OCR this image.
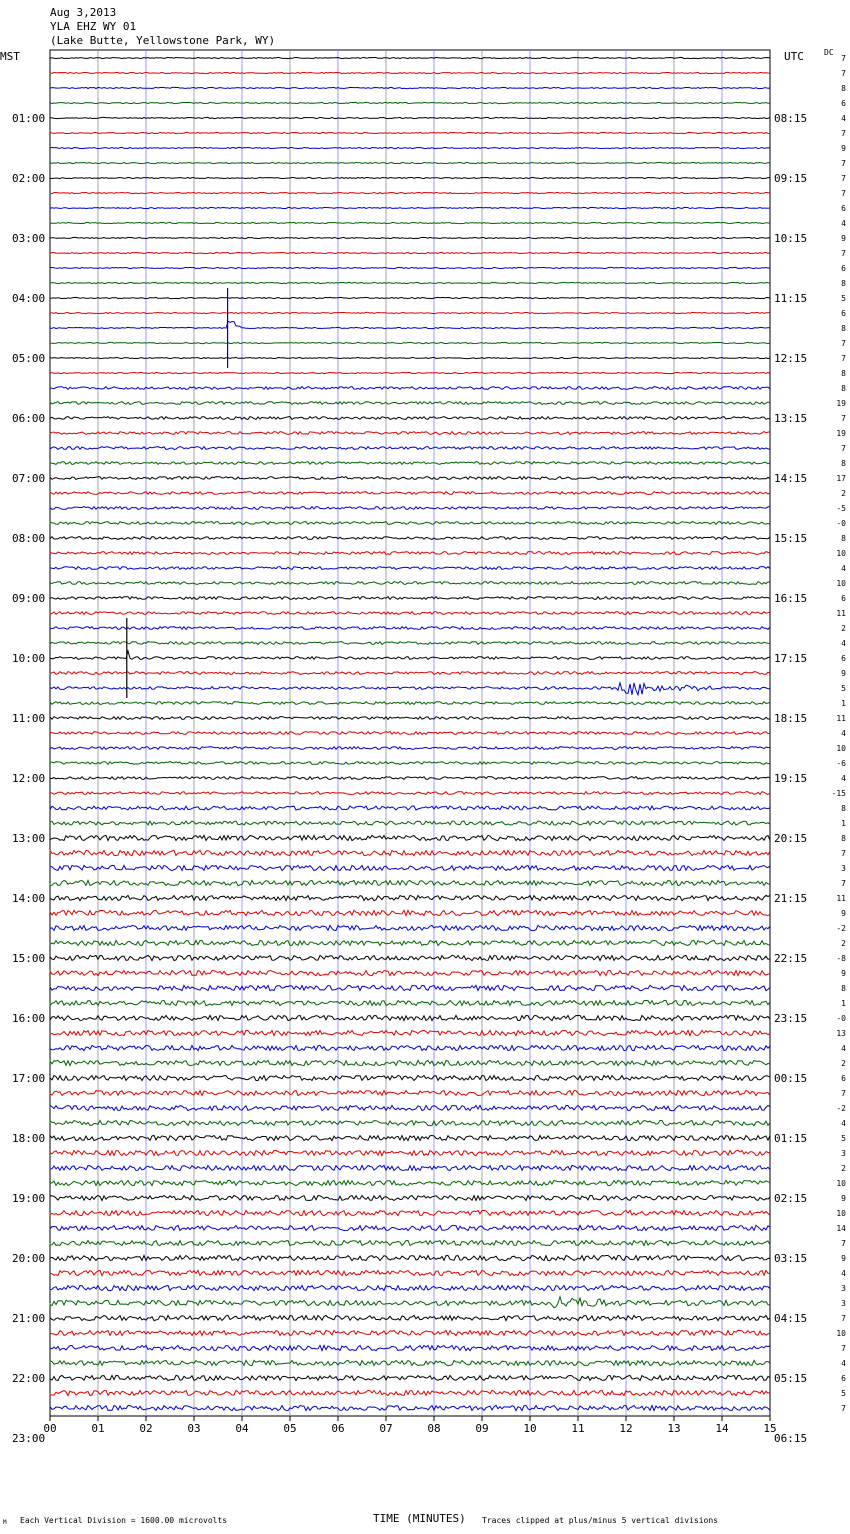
Aug 3,2013
YLA EHZ WY 01
(Lake Butte, Yellowstone Park, WY)
MST	UTC	DC
7
7
8
6
4
7
9
7
7
7
6
4
9
7
6
8
5
6
8
7
7
8
8
19
7
19
7
8
17
2
-5
-0
8
10
4
10
6
11
2
4
6
9
5
1
11
4
10
-6
4
-15
8
1
8
7
3
7
11
9
-2
2
-8
9
8
1
-0
13
4
2
6
7
-2
4
5
3
2
10
9
10
14
7
9
4
3
3
7
10
7
4
6
5
7
01:00
02:00
03:00
04:00
05:00
06:00
07:00
08:00
09:00
10:00
11:00
12:00
13:00
14:00
15:00
16:00
17:00
18:00
19:00
20:00
21:00
22:00
23:00
08:15
09:15
10:15
11:15
12:15
13:15
14:15
15:15
16:15
17:15
18:15
19:15
20:15
21:15
22:15
23:15
00:15
01:15
02:15
03:15
04:15
05:15
06:15
00	01	02	03	04	05	06	07	08	09	10	11	12	13	14	15
TIME (MINUTES)
Each Vertical Division = 1600.00 microvolts	Traces clipped at plus/minus 5 vertical divisions
M
